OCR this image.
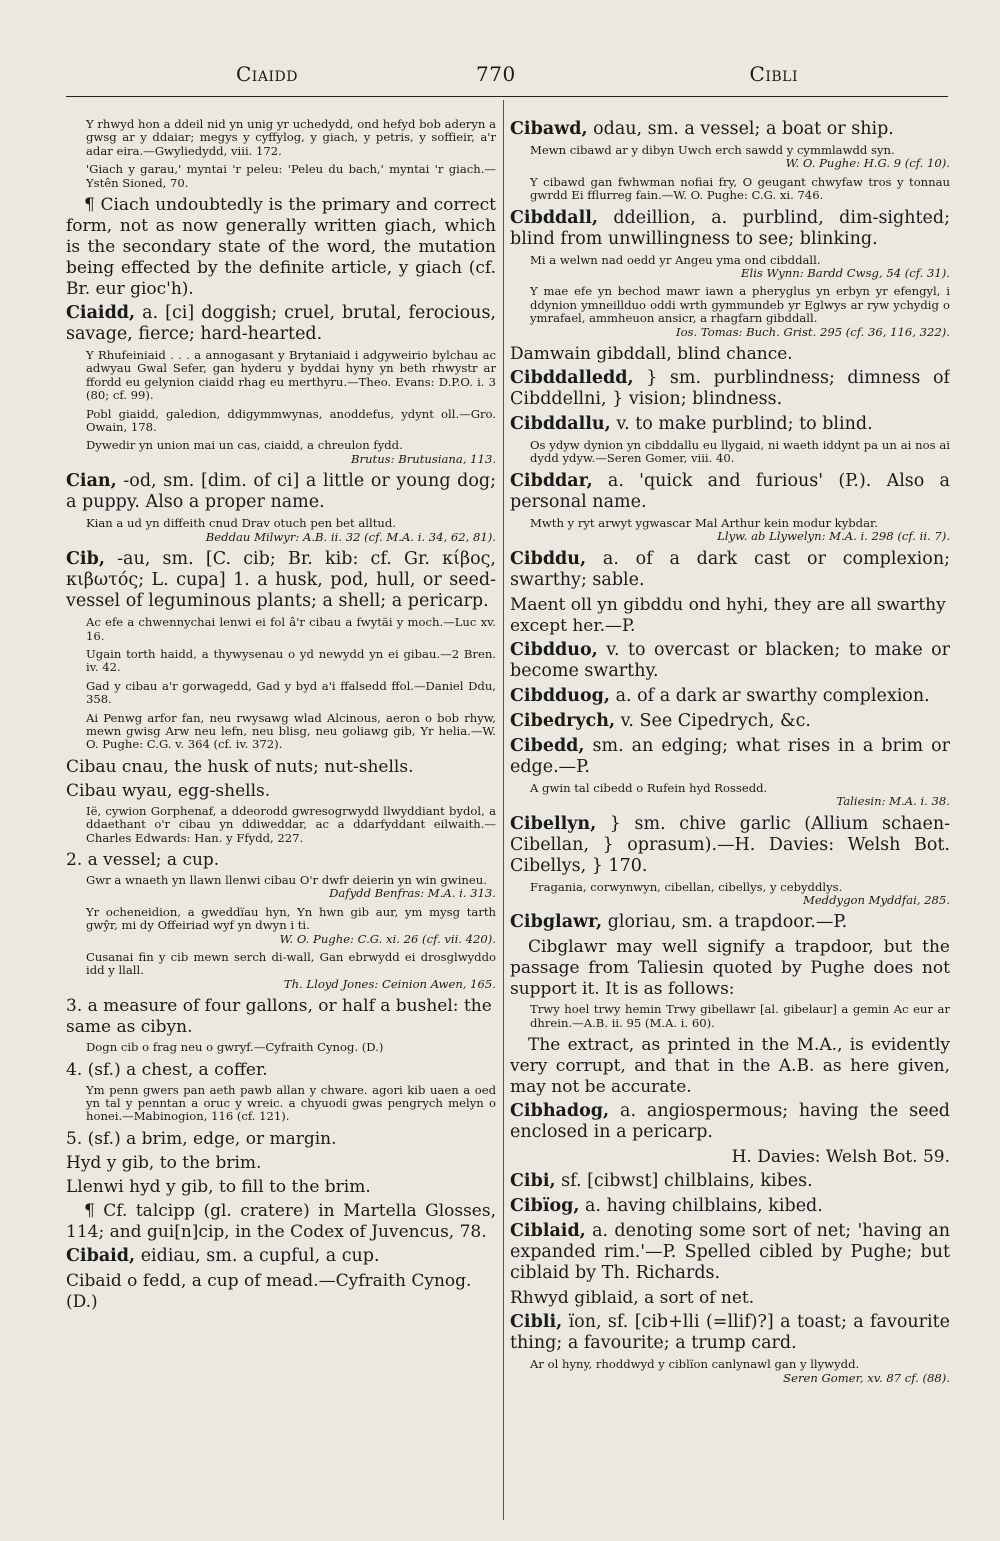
Ciaidd	770	Cibli
Y rhwyd hon a ddeil nid yn unig yr uchedydd, ond hefyd bob aderyn a gwsg ar y ddaiar; megys y cyffylog, y giach, y petris, y soffieir, a'r adar eira.—Gwyliedydd, viii. 172.
'Giach y garau,' myntai 'r peleu: 'Peleu du bach,' myntai 'r giach.—Ystên Sioned, 70.
¶ Ciach undoubtedly is the primary and correct form, not as now generally written giach, which is the secondary state of the word, the mutation being effected by the definite article, y giach (cf. Br. eur gioc'h).
Ciaidd, a. [ci] doggish; cruel, brutal, ferocious, savage, fierce; hard-hearted.
Y Rhufeiniaid . . . a annogasant y Brytaniaid i adgyweirio bylchau ac adwyau Gwal Sefer, gan hyderu y byddai hyny yn beth rhwystr ar ffordd eu gelynion ciaidd rhag eu merthyru.—Theo. Evans: D.P.O. i. 3 (80; cf. 99).
Pobl giaidd, galedion, ddigymmwynas, anoddefus, ydynt oll.—Gro. Owain, 178.
Dywedir yn union mai un cas, ciaidd, a chreulon fydd.
Brutus: Brutusiana, 113.
Cian, -od, sm. [dim. of ci] a little or young dog; a puppy. Also a proper name.
Kian a ud yn diffeith cnud Drav otuch pen bet alltud.
Beddau Milwyr: A.B. ii. 32 (cf. M.A. i. 34, 62, 81).
Cib, -au, sm. [C. cib; Br. kib: cf. Gr. κίβος, κιβωτός; L. cupa] 1. a husk, pod, hull, or seed-vessel of leguminous plants; a shell; a pericarp.
Ac efe a chwennychai lenwi ei fol â'r cibau a fwytäi y moch.—Luc xv. 16.
Ugain torth haidd, a thywysenau o yd newydd yn ei gibau.—2 Bren. iv. 42.
Gad y cibau a'r gorwagedd, Gad y byd a'i ffalsedd ffol.—Daniel Ddu, 358.
Ai Penwg arfor fan, neu rwysawg wlad Alcinous, aeron o bob rhyw, mewn gwisg Arw neu lefn, neu blisg, neu goliawg gib, Yr helia.—W. O. Pughe: C.G. v. 364 (cf. iv. 372).
Cibau cnau, the husk of nuts; nut-shells.
Cibau wyau, egg-shells.
Ië, cywion Gorphenaf, a ddeorodd gwresogrwydd llwyddiant bydol, a ddaethant o'r cibau yn ddiweddar, ac a ddarfyddant eilwaith.—Charles Edwards: Han. y Ffydd, 227.
2. a vessel; a cup.
Gwr a wnaeth yn llawn llenwi cibau O'r dwfr deierin yn win gwineu.
Dafydd Benfras: M.A. i. 313.
Yr ocheneidion, a gweddïau hyn, Yn hwn gib aur, ym mysg tarth gwŷr, mi dy Offeiriad wyf yn dwyn i ti.
W. O. Pughe: C.G. xi. 26 (cf. vii. 420).
Cusanai fin y cib mewn serch di-wall, Gan ebrwydd ei drosglwyddo idd y llall.
Th. Lloyd Jones: Ceinion Awen, 165.
3. a measure of four gallons, or half a bushel: the same as cibyn.
Dogn cib o frag neu o gwryf.—Cyfraith Cynog. (D.)
4. (sf.) a chest, a coffer.
Ym penn gwers pan aeth pawb allan y chware. agori kib uaen a oed yn tal y penntan a oruc y wreic. a chyuodi gwas pengrych melyn o honei.—Mabinogion, 116 (cf. 121).
5. (sf.) a brim, edge, or margin.
Hyd y gib, to the brim.
Llenwi hyd y gib, to fill to the brim.
¶ Cf. talcipp (gl. cratere) in Martella Glosses, 114; and gui[n]cip, in the Codex of Juvencus, 78.
Cibaid, eidiau, sm. a cupful, a cup.
Cibaid o fedd, a cup of mead.—Cyfraith Cynog. (D.)
Cibawd, odau, sm. a vessel; a boat or ship.
Mewn cibawd ar y dibyn Uwch erch sawdd y cymmlawdd syn.
W. O. Pughe: H.G. 9 (cf. 10).
Y cibawd gan fwhwman nofiai fry, O geugant chwyfaw tros y tonnau gwrdd Ei fflurreg fain.—W. O. Pughe: C.G. xi. 746.
Cibddall, ddeillion, a. purblind, dim-sighted; blind from unwillingness to see; blinking.
Mi a welwn nad oedd yr Angeu yma ond cibddall.
Elis Wynn: Bardd Cwsg, 54 (cf. 31).
Y mae efe yn bechod mawr iawn a pheryglus yn erbyn yr efengyl, i ddynion ymneillduo oddi wrth gymmundeb yr Eglwys ar ryw ychydig o ymrafael, ammheuon ansicr, a rhagfarn gibddall.
Ios. Tomas: Buch. Grist. 295 (cf. 36, 116, 322).
Damwain gibddall, blind chance.
Cibddalledd, } sm. purblindness; dimness of Cibddellni, } vision; blindness.
Cibddallu, v. to make purblind; to blind.
Os ydyw dynion yn cibddallu eu llygaid, ni waeth iddynt pa un ai nos ai dydd ydyw.—Seren Gomer, viii. 40.
Cibddar, a. 'quick and furious' (P.). Also a personal name.
Mwth y ryt arwyt ygwascar Mal Arthur kein modur kybdar.
Llyw. ab Llywelyn: M.A. i. 298 (cf. ii. 7).
Cibddu, a. of a dark cast or complexion; swarthy; sable.
Maent oll yn gibddu ond hyhi, they are all swarthy except her.—P.
Cibdduo, v. to overcast or blacken; to make or become swarthy.
Cibdduog, a. of a dark ar swarthy complexion.
Cibedrych, v. See Cipedrych, &c.
Cibedd, sm. an edging; what rises in a brim or edge.—P.
A gwin tal cibedd o Rufein hyd Rossedd.
Taliesin: M.A. i. 38.
Cibellyn, } sm. chive garlic (Allium schaen-Cibellan, } oprasum).—H. Davies: Welsh Bot. Cibellys, } 170.
Fragania, corwynwyn, cibellan, cibellys, y cebyddlys.
Meddygon Myddfai, 285.
Cibglawr, gloriau, sm. a trapdoor.—P.
Cibglawr may well signify a trapdoor, but the passage from Taliesin quoted by Pughe does not support it. It is as follows:
Trwy hoel trwy hemin Trwy gibellawr [al. gibelaur] a gemin Ac eur ar dhrein.—A.B. ii. 95 (M.A. i. 60).
The extract, as printed in the M.A., is evidently very corrupt, and that in the A.B. as here given, may not be accurate.
Cibhadog, a. angiospermous; having the seed enclosed in a pericarp.
H. Davies: Welsh Bot. 59.
Cibi, sf. [cibwst] chilblains, kibes.
Cibïog, a. having chilblains, kibed.
Ciblaid, a. denoting some sort of net; 'having an expanded rim.'—P. Spelled cibled by Pughe; but ciblaid by Th. Richards.
Rhwyd giblaid, a sort of net.
Cibli, ïon, sf. [cib+lli (=llif)?] a toast; a favourite thing; a favourite; a trump card.
Ar ol hyny, rhoddwyd y ciblïon canlynawl gan y llywydd.
Seren Gomer, xv. 87 cf. (88).
